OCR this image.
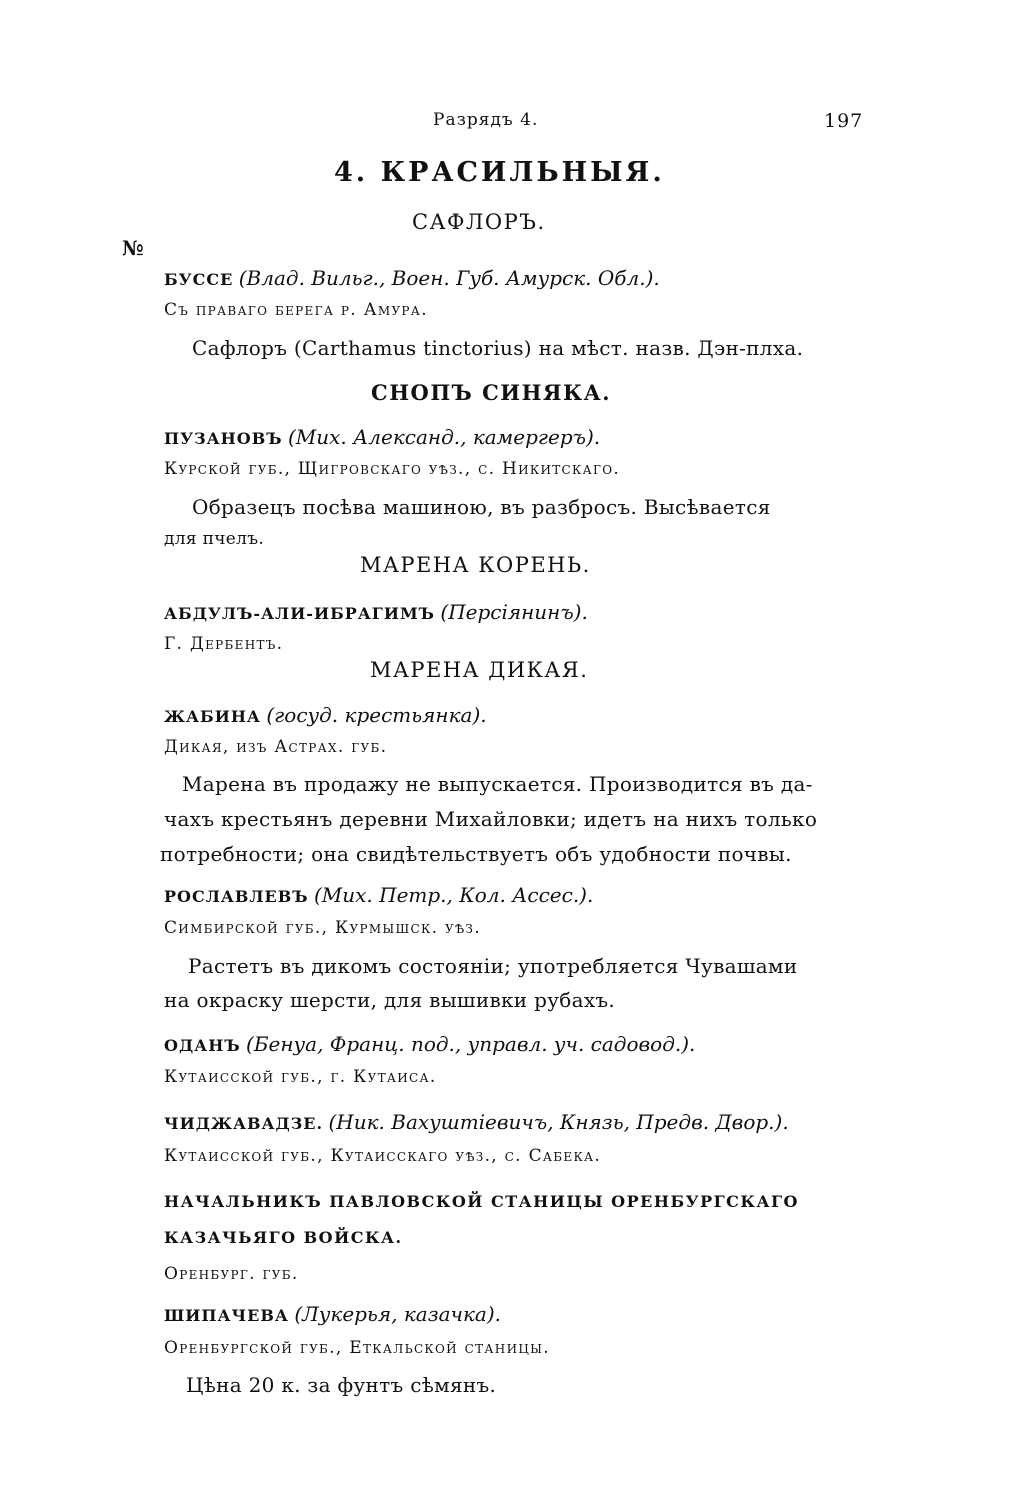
Разрядъ 4.	197
4. КРАСИЛЬНЫЯ.
САФЛОРЪ.
№
БУССЕ (Влад. Вильг., Воен. Губ. Амурск. Обл.).
Съ праваго берега р. Амура.
Сафлоръ (Carthamus tinctorius) на мѣст. назв. Дэн-плха.
СНОПЪ СИНЯКА.
ПУЗАНОВЪ (Мих. Александ., камергеръ).
Курской губ., Щигровскаго уѣз., с. Никитскаго.
Образецъ посѣва машиною, въ разбросъ. Высѣвается
для пчелъ.
МАРЕНА КОРЕНЬ.
АБДУЛЪ-АЛИ-ИБРАГИМЪ (Персіянинъ).
Г. Дербентъ.
МАРЕНА ДИКАЯ.
ЖАБИНА (госуд. крестьянка).
Дикая, изъ Астрах. губ.
Марена въ продажу не выпускается. Производится въ да-
чахъ крестьянъ деревни Михайловки; идетъ на нихъ только
потребности; она свидѣтельствуетъ объ удобности почвы.
РОСЛАВЛЕВЪ (Мих. Петр., Кол. Ассес.).
Симбирской губ., Курмышск. уѣз.
Растетъ въ дикомъ состояніи; употребляется Чувашами
на окраску шерсти, для вышивки рубахъ.
ОДАНЪ (Бенуа, Франц. под., управл. уч. садовод.).
Кутаисской губ., г. Кутаиса.
ЧИДЖАВАДЗЕ. (Ник. Вахуштіевичъ, Князь, Предв. Двор.).
Кутаисской губ., Кутаисскаго уѣз., с. Сабека.
НАЧАЛЬНИКЪ ПАВЛОВСКОЙ СТАНИЦЫ ОРЕНБУРГСКАГО
КАЗАЧЬЯГО ВОЙСКА.
Оренбург. губ.
ШИПАЧЕВА (Лукерья, казачка).
Оренбургской губ., Еткальской станицы.
Цѣна 20 к. за фунтъ сѣмянъ.
